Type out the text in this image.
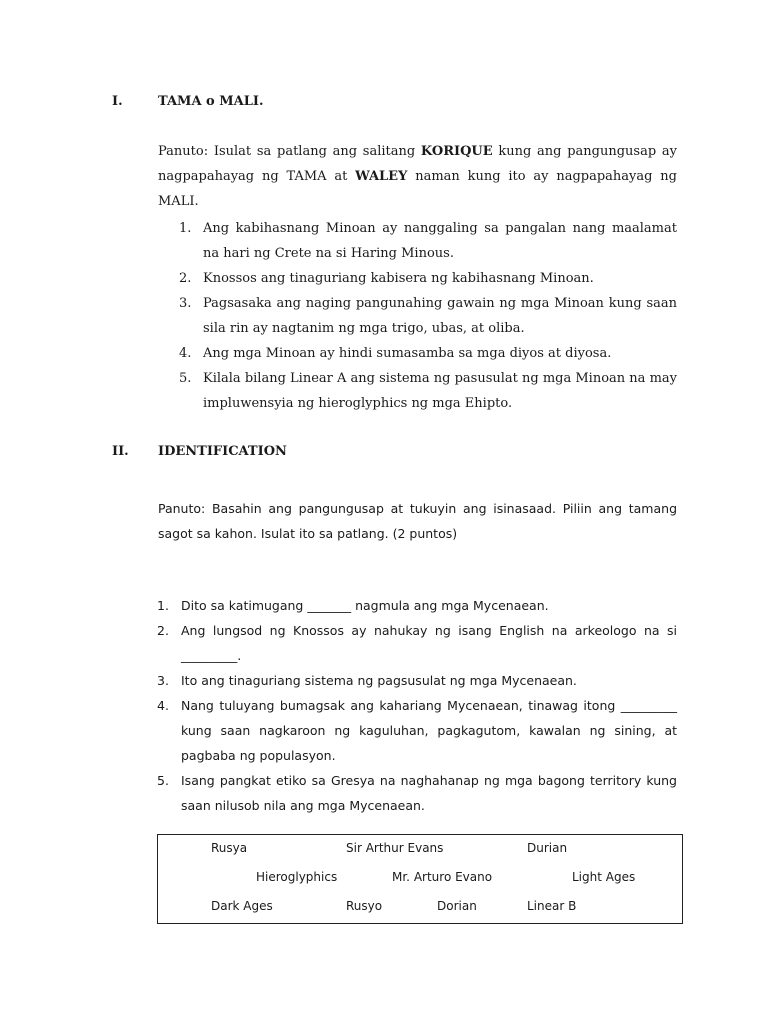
I.	TAMA o MALI.
Panuto: Isulat sa patlang ang salitang KORIQUE kung ang pangungusap ay nagpapahayag ng TAMA at WALEY naman kung ito ay nagpapahayag ng MALI.
1. Ang kabihasnang Minoan ay nanggaling sa pangalan nang maalamat na hari ng Crete na si Haring Minous.
2. Knossos ang tinaguriang kabisera ng kabihasnang Minoan.
3. Pagsasaka ang naging pangunahing gawain ng mga Minoan kung saan sila rin ay nagtanim ng mga trigo, ubas, at oliba.
4. Ang mga Minoan ay hindi sumasamba sa mga diyos at diyosa.
5. Kilala bilang Linear A ang sistema ng pasusulat ng mga Minoan na may impluwensyia ng hieroglyphics ng mga Ehipto.
II. IDENTIFICATION
Panuto: Basahin ang pangungusap at tukuyin ang isinasaad. Piliin ang tamang sagot sa kahon. Isulat ito sa patlang. (2 puntos)
1. Dito sa katimugang _______ nagmula ang mga Mycenaean.
2. Ang lungsod ng Knossos ay nahukay ng isang English na arkeologo na si _________.
3. Ito ang tinaguriang sistema ng pagsusulat ng mga Mycenaean.
4. Nang tuluyang bumagsak ang kahariang Mycenaean, tinawag itong _________ kung saan nagkaroon ng kaguluhan, pagkagutom, kawalan ng sining, at pagbaba ng populasyon.
5. Isang pangkat etiko sa Gresya na naghahanap ng mga bagong territory kung saan nilusob nila ang mga Mycenaean.
Rusya	Sir Arthur Evans	Durian
Hieroglyphics	Mr. Arturo Evano	Light Ages
Dark Ages	Rusyo	Dorian	Linear B
